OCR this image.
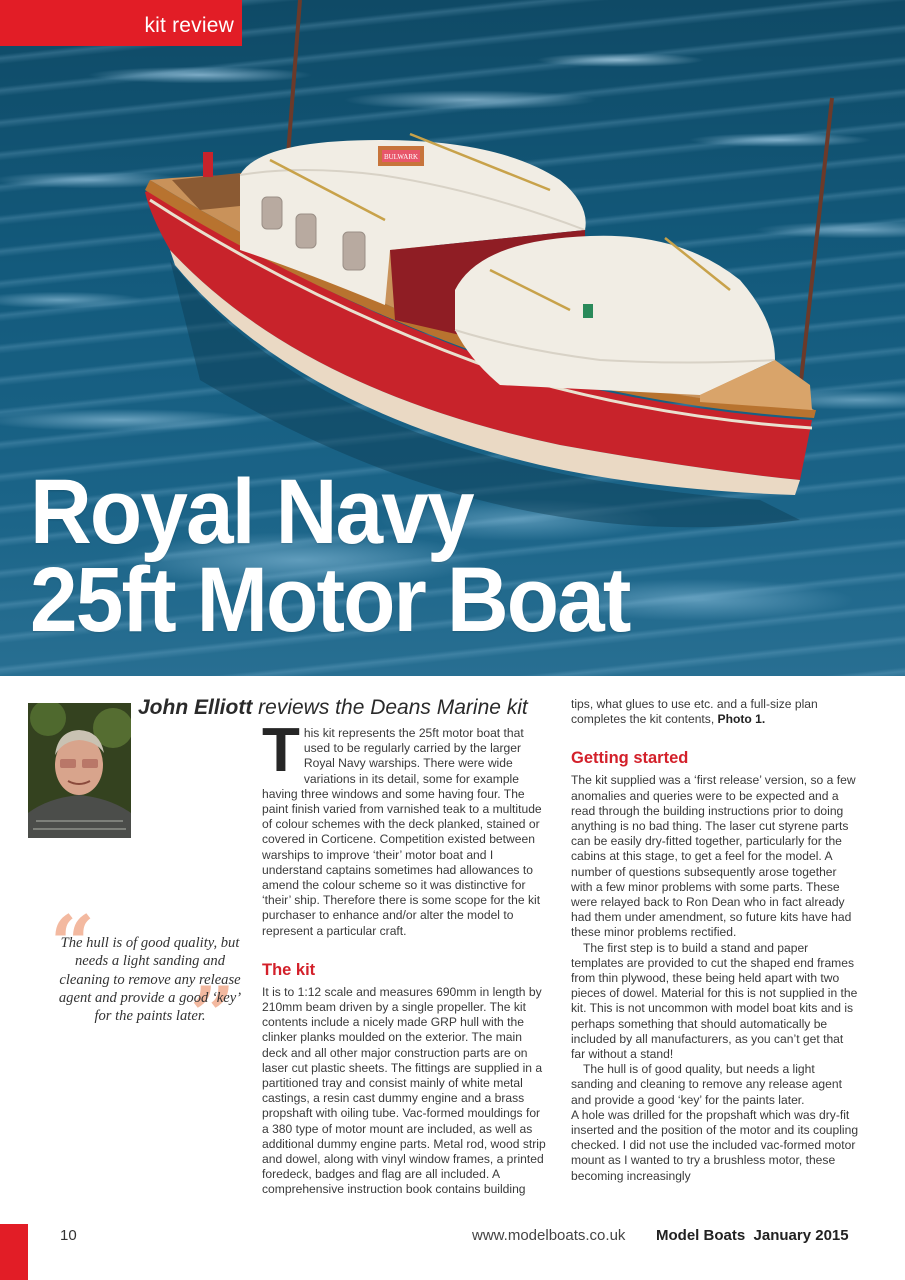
BULWARK
kit review
Royal Navy
25ft Motor Boat
John Elliott reviews the Deans Marine kit
“
”
The hull is of good quality, but needs a light sanding and cleaning to remove any release agent and provide a good ‘key’ for the paints later.

This kit represents the 25ft motor boat that used to be regularly carried by the larger Royal Navy warships. There were wide variations in its detail, some for example having three windows and some having four. The paint finish varied from varnished teak to a multitude of colour schemes with the deck planked, stained or covered in Corticene. Competition existed between warships to improve ‘their’ motor boat and I understand captains sometimes had allowances to amend the colour scheme so it was distinctive for ‘their’ ship. Therefore there is some scope for the kit purchaser to enhance and/or alter the model to represent a particular craft.

The kit

It is to 1:12 scale and measures 690mm in length by 210mm beam driven by a single propeller. The kit contents include a nicely made GRP hull with the clinker planks moulded on the exterior. The main deck and all other major construction parts are on laser cut plastic sheets. The fittings are supplied in a partitioned tray and consist mainly of white metal castings, a resin cast dummy engine and a brass propshaft with oiling tube. Vac-formed mouldings for a 380 type of motor mount are included, as well as additional dummy engine parts. Metal rod, wood strip and dowel, along with vinyl window frames, a printed foredeck, badges and flag are all included. A comprehensive instruction book contains building

tips, what glues to use etc. and a full-size plan completes the kit contents, Photo 1.

Getting started

The kit supplied was a ‘first release’ version, so a few anomalies and queries were to be expected and a read through the building instructions prior to doing anything is no bad thing. The laser cut styrene parts can be easily dry-fitted together, particularly for the cabins at this stage, to get a feel for the model. A number of questions subsequently arose together with a few minor problems with some parts. These were relayed back to Ron Dean who in fact already had them under amendment, so future kits have had these minor problems rectified.

The first step is to build a stand and paper templates are provided to cut the shaped end frames from thin plywood, these being held apart with two pieces of dowel. Material for this is not supplied in the kit. This is not uncommon with model boat kits and is perhaps something that should automatically be included by all manufacturers, as you can’t get that far without a stand!

The hull is of good quality, but needs a light sanding and cleaning to remove any release agent and provide a good ‘key’ for the paints later.

A hole was drilled for the propshaft which was dry-fit inserted and the position of the motor and its coupling checked. I did not use the included vac-formed motor mount as I wanted to try a brushless motor, these becoming increasingly

10	www.modelboats.co.uk Model Boats January 2015
